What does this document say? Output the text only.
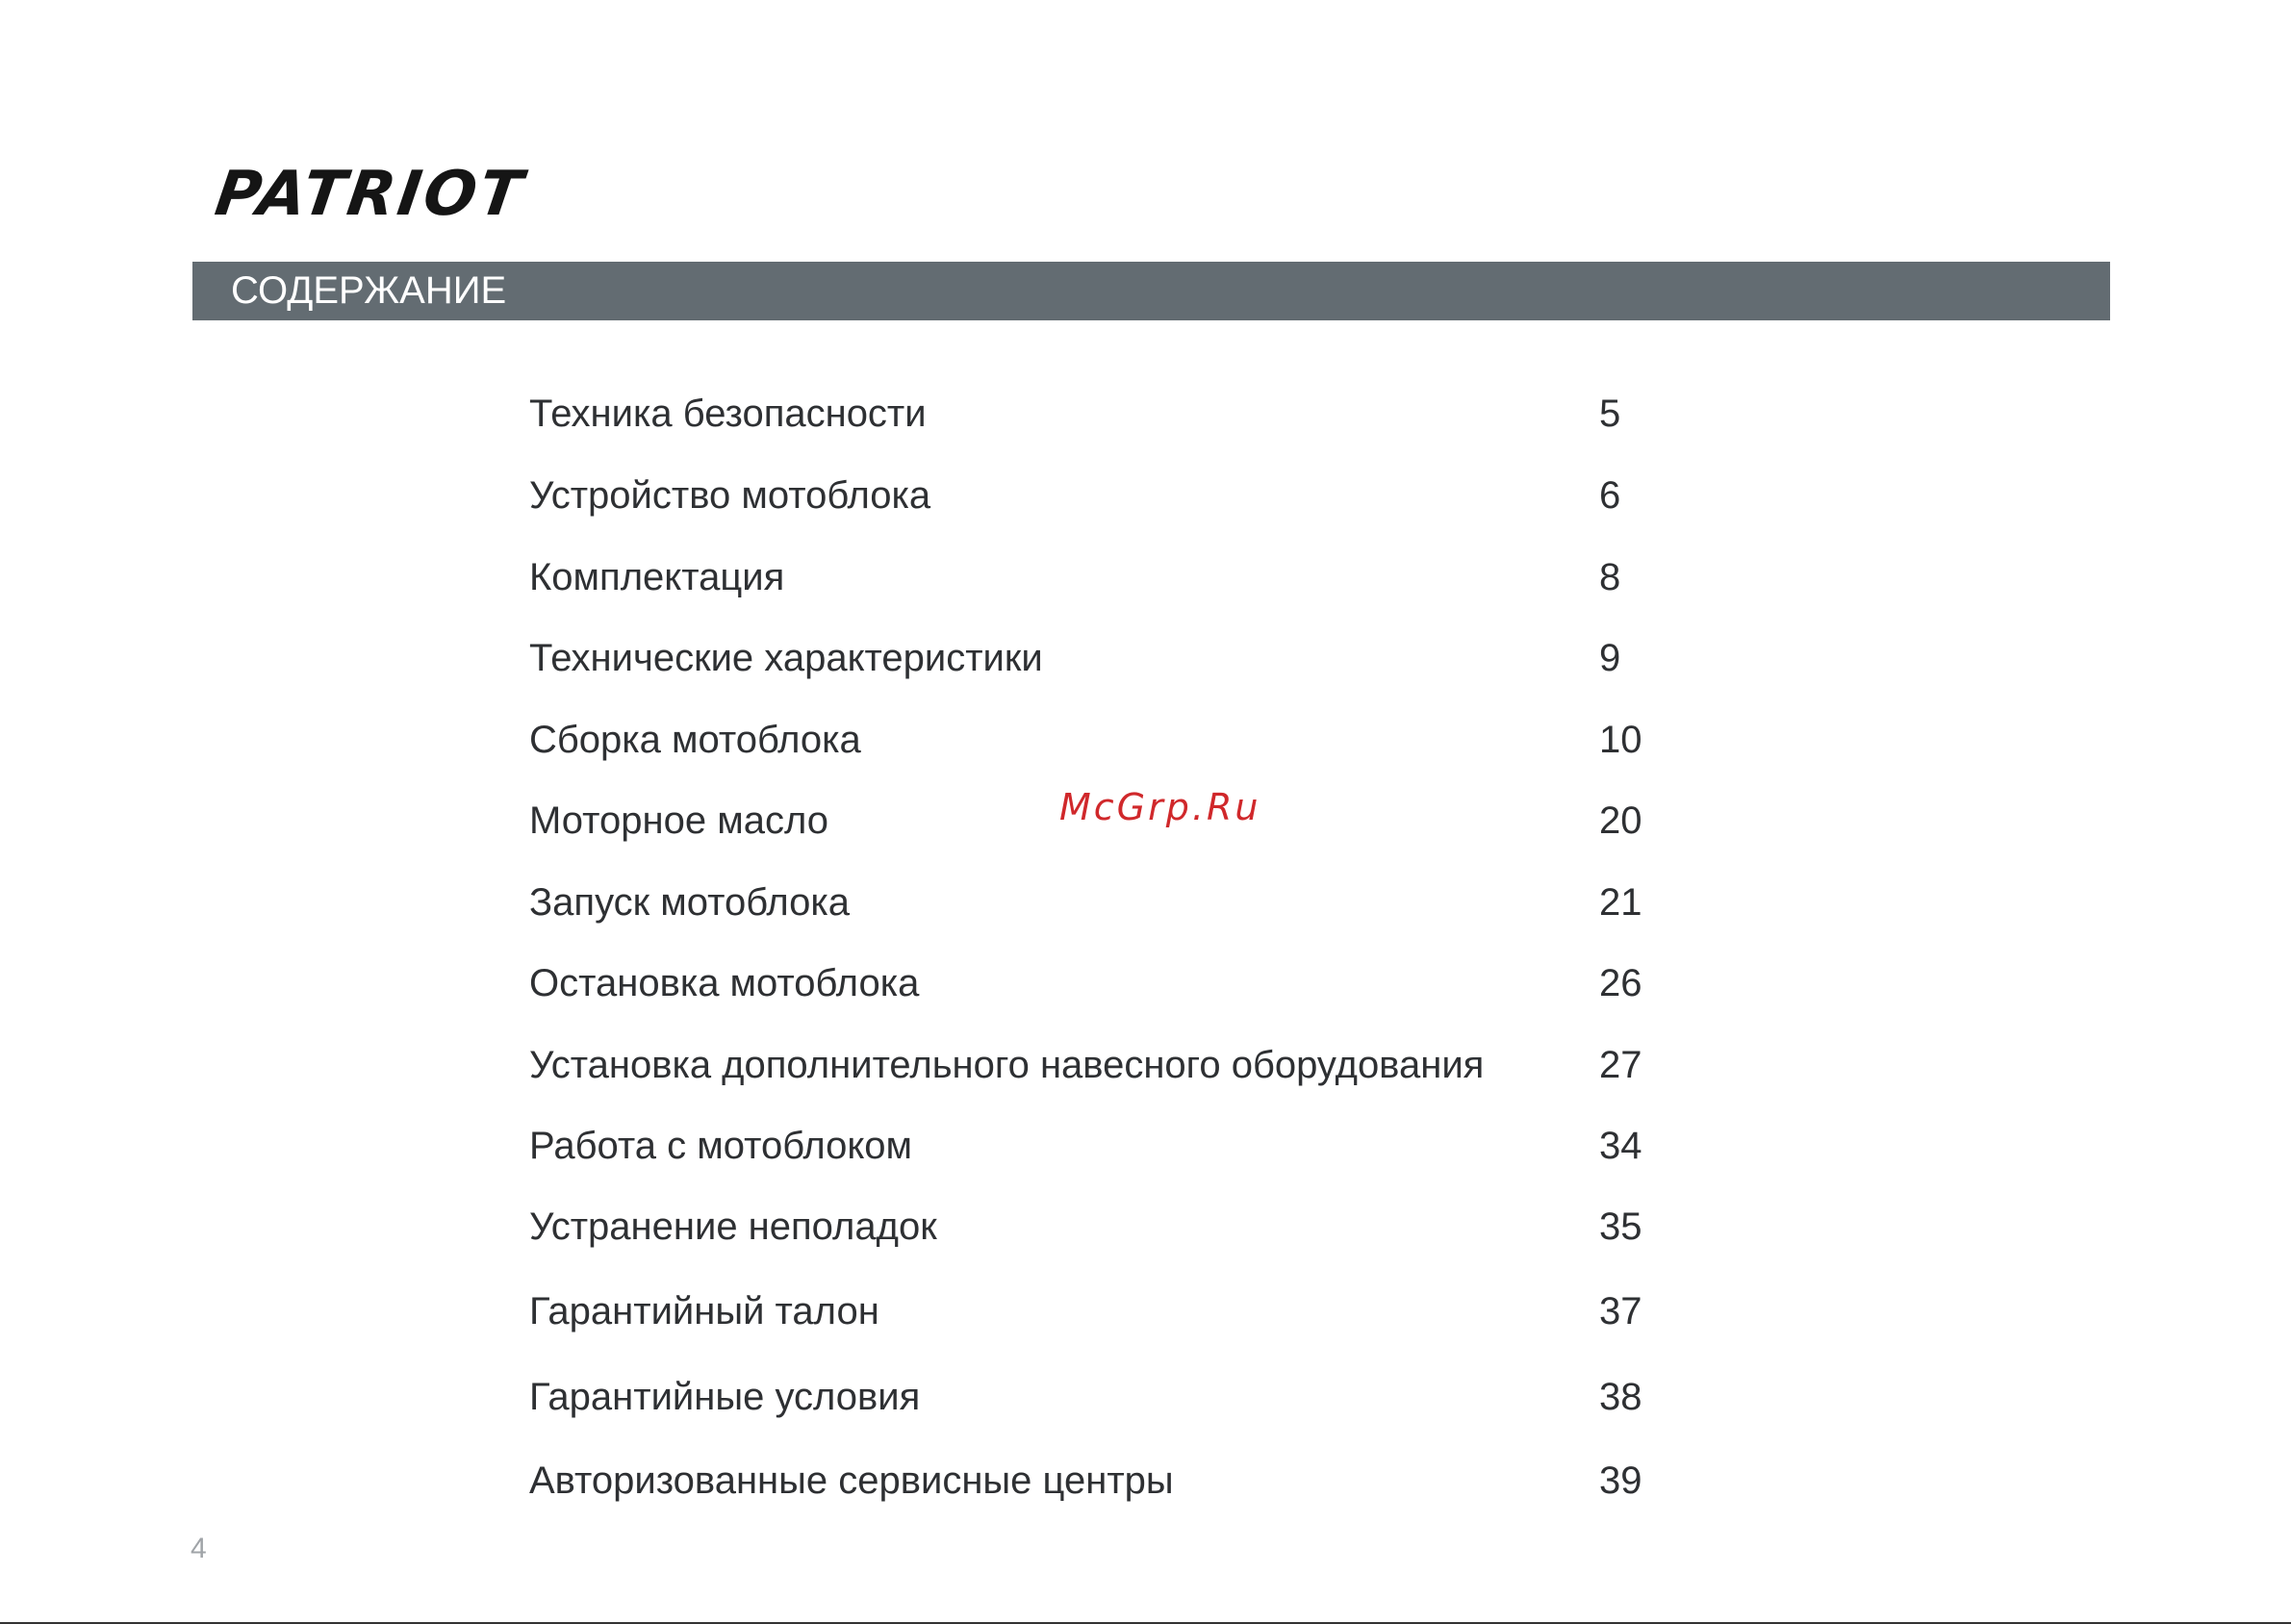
PATRIOT
СОДЕРЖАНИЕ
Техника безопасности	5
Устройство мотоблока	6
Комплектация	8
Технические характеристики	9
Сборка мотоблока	10
Моторное масло	20
Запуск мотоблока	21
Остановка мотоблока	26
Установка дополнительного навесного оборудования	27
Работа с мотоблоком	34
Устранение неполадок	35
Гарантийный талон	37
Гарантийные условия	38
Авторизованные сервисные центры	39
McGrp.Ru
4
